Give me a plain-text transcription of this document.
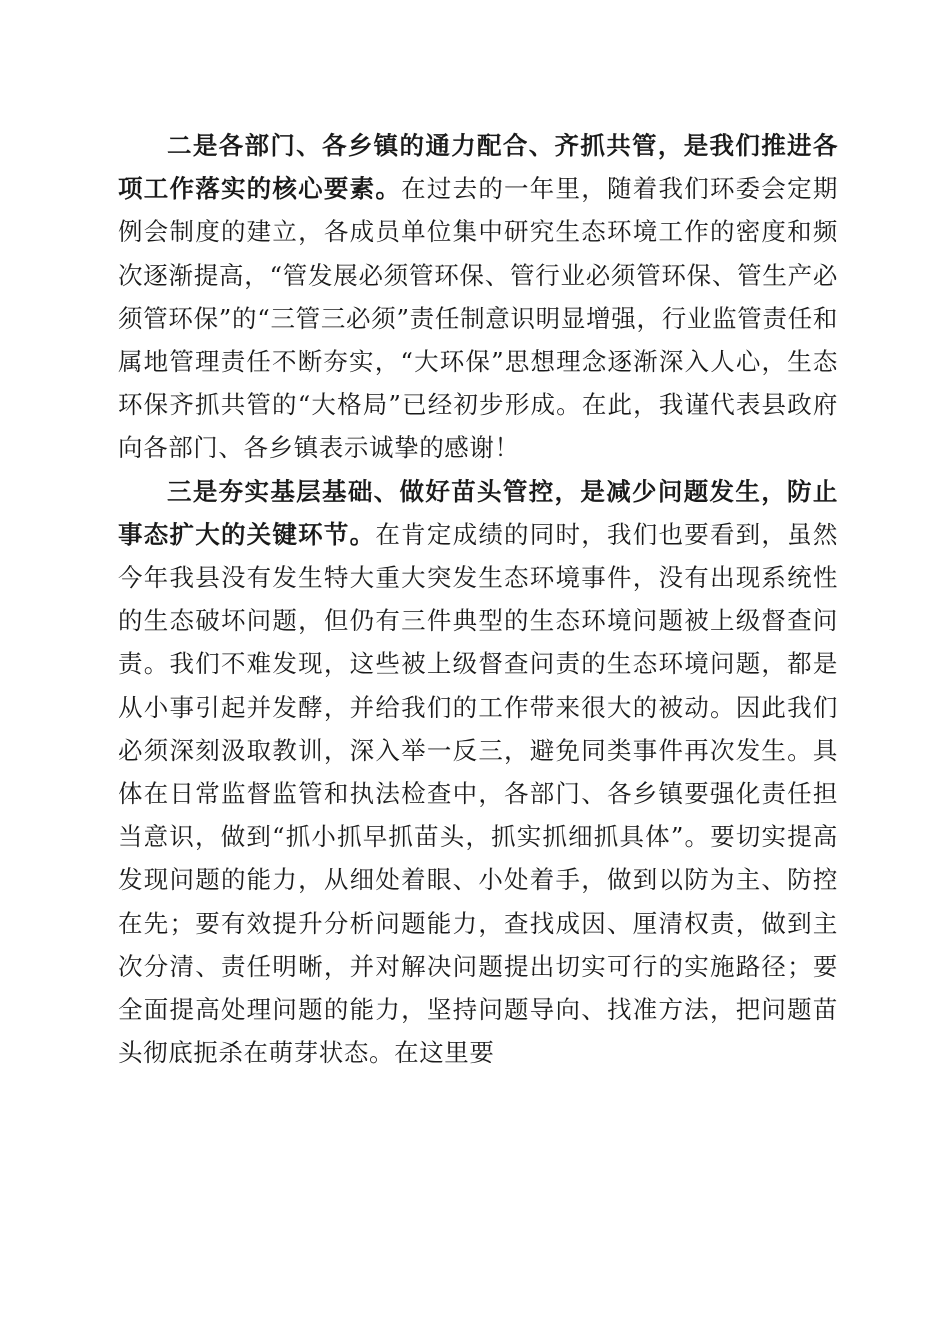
二是各部门、各乡镇的通力配合、齐抓共管，是我们推进各项工作落实的核心要素。在过去的一年里，随着我们环委会定期例会制度的建立，各成员单位集中研究生态环境工作的密度和频次逐渐提高，“管发展必须管环保、管行业必须管环保、管生产必须管环保”的“三管三必须”责任制意识明显增强，行业监管责任和属地管理责任不断夯实，“大环保”思想理念逐渐深入人心，生态环保齐抓共管的“大格局”已经初步形成。在此，我谨代表县政府向各部门、各乡镇表示诚挚的感谢！

三是夯实基层基础、做好苗头管控，是减少问题发生，防止事态扩大的关键环节。在肯定成绩的同时，我们也要看到，虽然今年我县没有发生特大重大突发生态环境事件，没有出现系统性的生态破坏问题，但仍有三件典型的生态环境问题被上级督查问责。我们不难发现，这些被上级督查问责的生态环境问题，都是从小事引起并发酵，并给我们的工作带来很大的被动。因此我们必须深刻汲取教训，深入举一反三，避免同类事件再次发生。具体在日常监督监管和执法检查中，各部门、各乡镇要强化责任担当意识，做到“抓小抓早抓苗头，抓实抓细抓具体”。要切实提高发现问题的能力，从细处着眼、小处着手，做到以防为主、防控在先；要有效提升分析问题能力，查找成因、厘清权责，做到主次分清、责任明晰，并对解决问题提出切实可行的实施路径；要全面提高处理问题的能力，坚持问题导向、找准方法，把问题苗头彻底扼杀在萌芽状态。在这里要
